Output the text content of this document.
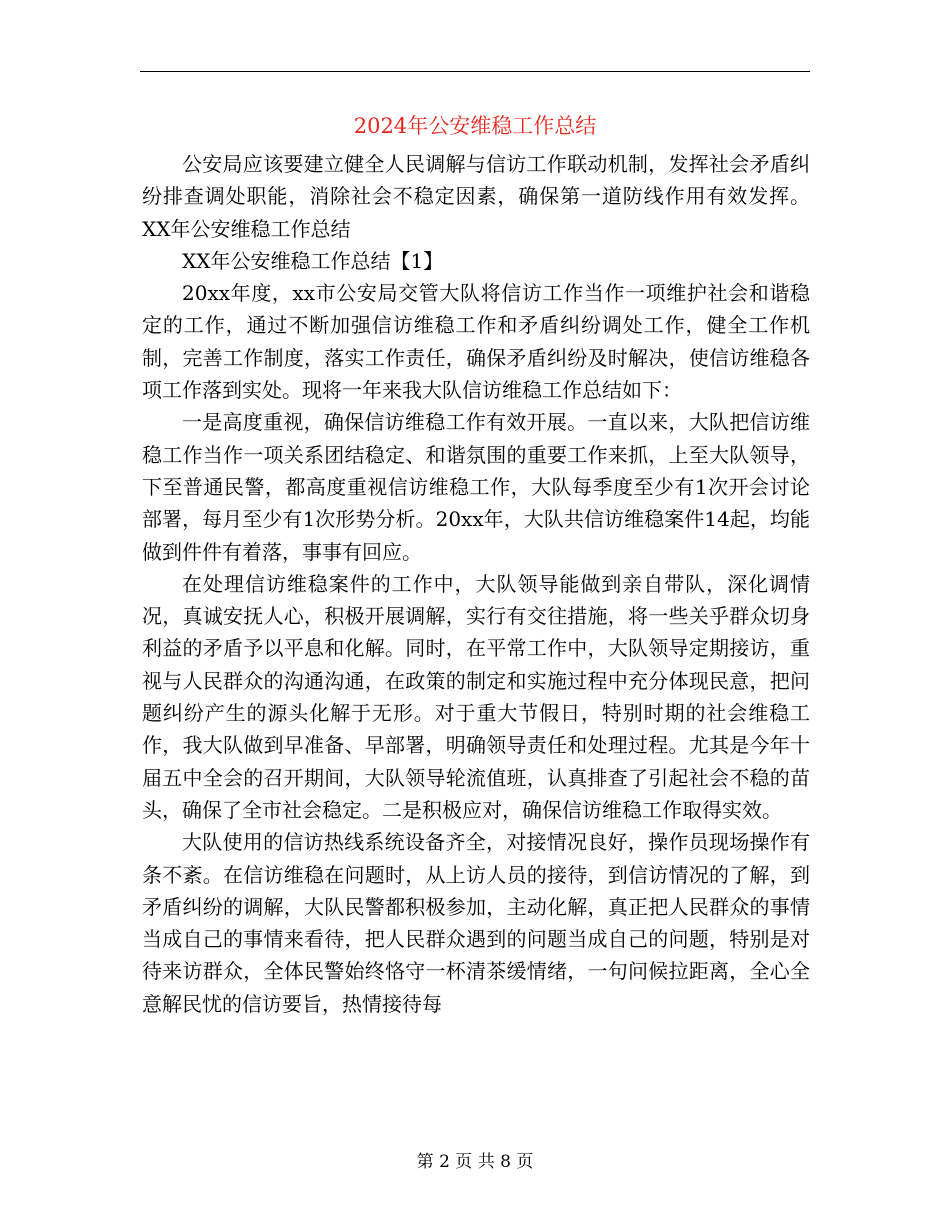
2024年公安维稳工作总结

公安局应该要建立健全人民调解与信访工作联动机制，发挥社会矛盾纠纷排查调处职能，消除社会不稳定因素，确保第一道防线作用有效发挥。XX年公安维稳工作总结

XX年公安维稳工作总结【1】

20xx年度，xx市公安局交管大队将信访工作当作一项维护社会和谐稳定的工作，通过不断加强信访维稳工作和矛盾纠纷调处工作，健全工作机制，完善工作制度，落实工作责任，确保矛盾纠纷及时解决，使信访维稳各项工作落到实处。现将一年来我大队信访维稳工作总结如下：

一是高度重视，确保信访维稳工作有效开展。一直以来，大队把信访维稳工作当作一项关系团结稳定、和谐氛围的重要工作来抓，上至大队领导，下至普通民警，都高度重视信访维稳工作，大队每季度至少有1次开会讨论部署，每月至少有1次形势分析。20xx年，大队共信访维稳案件14起，均能做到件件有着落，事事有回应。

在处理信访维稳案件的工作中，大队领导能做到亲自带队，深化调情况，真诚安抚人心，积极开展调解，实行有交往措施，将一些关乎群众切身利益的矛盾予以平息和化解。同时，在平常工作中，大队领导定期接访，重视与人民群众的沟通沟通，在政策的制定和实施过程中充分体现民意，把问题纠纷产生的源头化解于无形。对于重大节假日，特别时期的社会维稳工作，我大队做到早准备、早部署，明确领导责任和处理过程。尤其是今年十届五中全会的召开期间，大队领导轮流值班，认真排查了引起社会不稳的苗头，确保了全市社会稳定。二是积极应对，确保信访维稳工作取得实效。

大队使用的信访热线系统设备齐全，对接情况良好，操作员现场操作有条不紊。在信访维稳在问题时，从上访人员的接待，到信访情况的了解，到矛盾纠纷的调解，大队民警都积极参加，主动化解，真正把人民群众的事情当成自己的事情来看待，把人民群众遇到的问题当成自己的问题，特别是对待来访群众，全体民警始终恪守一杯清茶缓情绪，一句问候拉距离，全心全意解民忧的信访要旨，热情接待每

第 2 页 共 8 页
